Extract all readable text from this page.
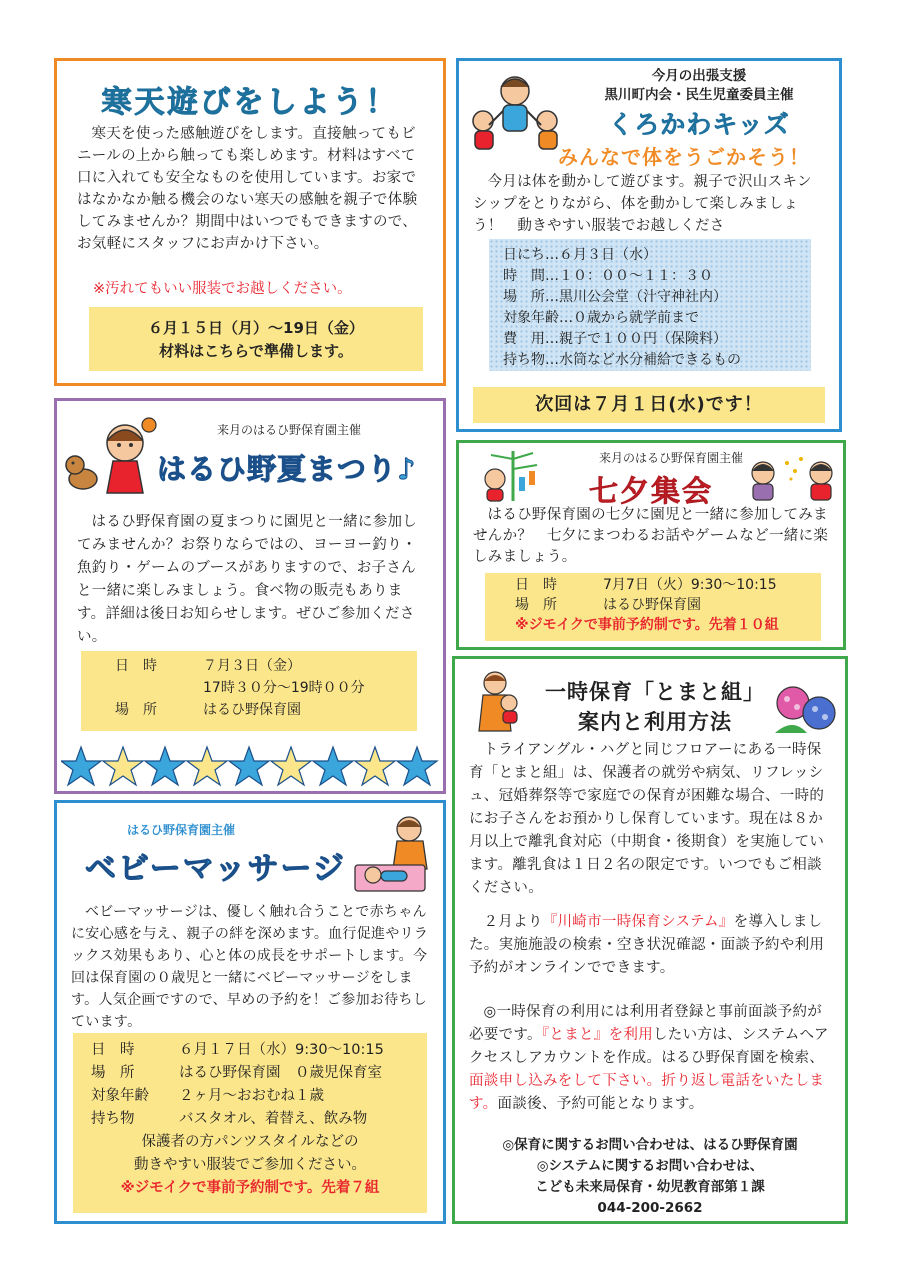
寒天遊びをしよう！
寒天を使った感触遊びをします。直接触ってもビニールの上から触っても楽しめます。材料はすべて口に入れても安全なものを使用しています。お家ではなかなか触る機会のない寒天の感触を親子で体験してみませんか？期間中はいつでもできますので、お気軽にスタッフにお声かけ下さい。
※汚れてもいい服装でお越しください。
６月１５日（月）～19日（金）
材料はこちらで準備します。
今月の出張支援
黒川町内会・民生児童委員主催
くろかわキッズ
みんなで体をうごかそう！
今月は体を動かして遊びます。親子で沢山スキンシップをとりながら、体を動かして楽しみましょう！　動きやすい服装でお越しくださ
日にち…６月３日（水）
時　間…１０：００～１１：３０
場　所…黒川公会堂（汁守神社内）
対象年齢…０歳から就学前まで
費　用…親子で１００円（保険料）
持ち物…水筒など水分補給できるもの
次回は７月１日(水)です！
来月のはるひ野保育園主催
はるひ野夏まつり♪
はるひ野保育園の夏まつりに園児と一緒に参加してみませんか？お祭りならではの、ヨーヨー釣り・魚釣り・ゲームのブースがありますので、お子さんと一緒に楽しみましょう。食べ物の販売もあります。詳細は後日お知らせします。ぜひご参加ください。
日　時	７月３日（金）
17時３０分～19時００分
場　所	はるひ野保育園
来月のはるひ野保育園主催
七夕集会
はるひ野保育園の七夕に園児と一緒に参加してみませんか？　七夕にまつわるお話やゲームなど一緒に楽しみましょう。
日　時	7月7日（火）9:30～10:15
場　所	はるひ野保育園
※ジモイクで事前予約制です。先着１０組
はるひ野保育園主催
ベビーマッサージ
ベビーマッサージは、優しく触れ合うことで赤ちゃんに安心感を与え、親子の絆を深めます。血行促進やリラックス効果もあり、心と体の成長をサポートします。今回は保育園の０歳児と一緒にベビーマッサージをします。人気企画ですので、早めの予約を！ご参加お待ちしています。
日　時	６月１７日（水）9:30～10:15
場　所	はるひ野保育園　０歳児保育室
対象年齢	２ヶ月～おおむね１歳
持ち物	バスタオル、着替え、飲み物
保護者の方パンツスタイルなどの
動きやすい服装でご参加ください。
※ジモイクで事前予約制です。先着７組
一時保育「とまと組」
案内と利用方法
トライアングル・ハグと同じフロアーにある一時保育「とまと組」は、保護者の就労や病気、リフレッシュ、冠婚葬祭等で家庭での保育が困難な場合、一時的にお子さんをお預かりし保育しています。現在は８か月以上で離乳食対応（中期食・後期食）を実施しています。離乳食は１日２名の限定です。いつでもご相談ください。
２月より『川崎市一時保育システム』を導入しました。実施施設の検索・空き状況確認・面談予約や利用予約がオンラインでできます。
◎一時保育の利用には利用者登録と事前面談予約が必要です。『とまと』を利用したい方は、システムへアクセスしアカウントを作成。はるひ野保育園を検索、面談申し込みをして下さい。折り返し電話をいたします。面談後、予約可能となります。
◎保育に関するお問い合わせは、はるひ野保育園
◎システムに関するお問い合わせは、
こども未来局保育・幼児教育部第１課
044-200-2662
